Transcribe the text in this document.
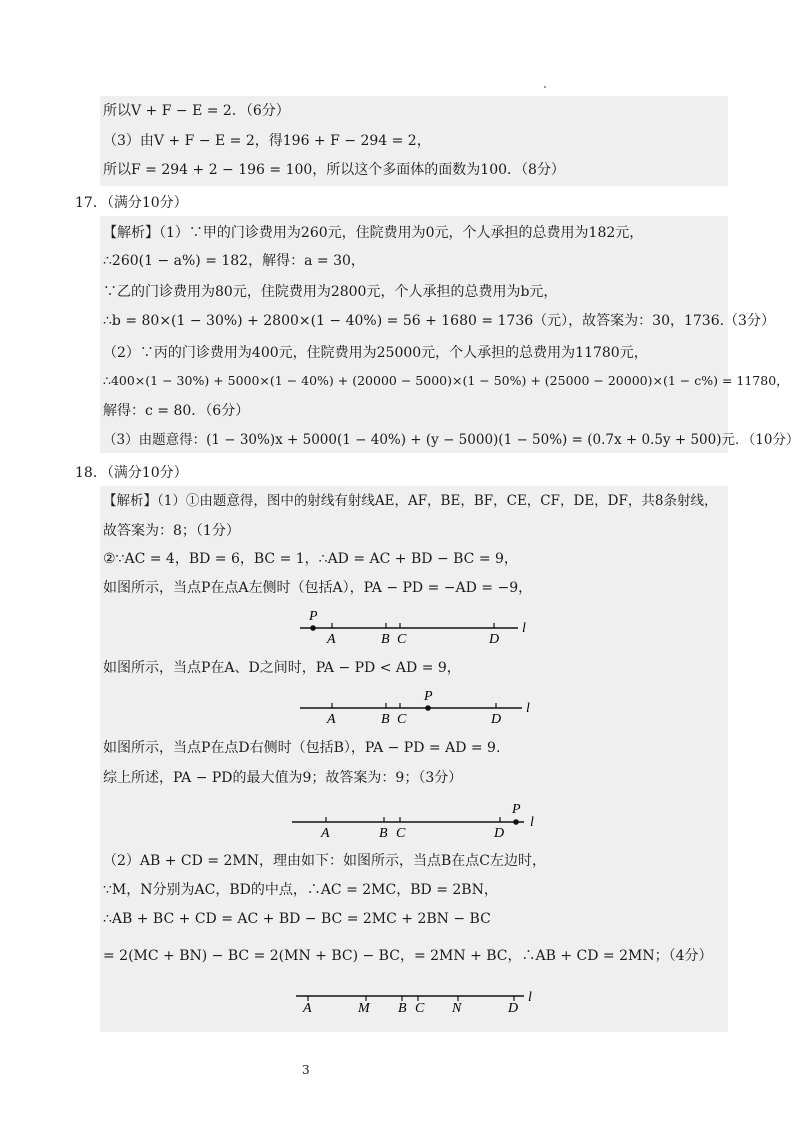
所以V + F − E = 2．（6分）
（3）由V + F − E = 2，得196 + F − 294 = 2，
所以F = 294 + 2 − 196 = 100，所以这个多面体的面数为100．（8分）
17．（满分10分）
【解析】（1）∵甲的门诊费用为260元，住院费用为0元，个人承担的总费用为182元，
∴260(1 − a%) = 182，解得：a = 30，
∵乙的门诊费用为80元，住院费用为2800元，个人承担的总费用为b元，
∴b = 80×(1 − 30%) + 2800×(1 − 40%) = 56 + 1680 = 1736（元），故答案为：30，1736.（3分）
（2）∵丙的门诊费用为400元，住院费用为25000元，个人承担的总费用为11780元，
∴400×(1 − 30%) + 5000×(1 − 40%) + (20000 − 5000)×(1 − 50%) + (25000 − 20000)×(1 − c%) = 11780，
解得：c = 80．（6分）
（3）由题意得：(1 − 30%)x + 5000(1 − 40%) + (y − 5000)(1 − 50%) = (0.7x + 0.5y + 500)元．（10分）
18．（满分10分）
【解析】（1）①由题意得，图中的射线有射线AE，AF，BE，BF，CE，CF，DE，DF，共8条射线，
故答案为：8；（1分）
②∵AC = 4，BD = 6，BC = 1，∴AD = AC + BD − BC = 9，
如图所示，当点P在点A左侧时（包括A），PA − PD = −AD = −9，
P
A	B C	D
l
如图所示，当点P在A、D之间时，PA − PD < AD = 9，
P
A	B C	D
l
如图所示，当点P在点D右侧时（包括B），PA − PD = AD = 9.
综上所述，PA − PD的最大值为9；故答案为：9；（3分）
P
A	B C	D
l
（2）AB + CD = 2MN，理由如下：如图所示，当点B在点C左边时，
∵M，N分别为AC，BD的中点，∴AC = 2MC，BD = 2BN，
∴AB + BC + CD = AC + BD − BC = 2MC + 2BN − BC
= 2(MC + BN) − BC = 2(MN + BC) − BC，= 2MN + BC，∴AB + CD = 2MN；（4分）
A	M B C N	D
l
3
